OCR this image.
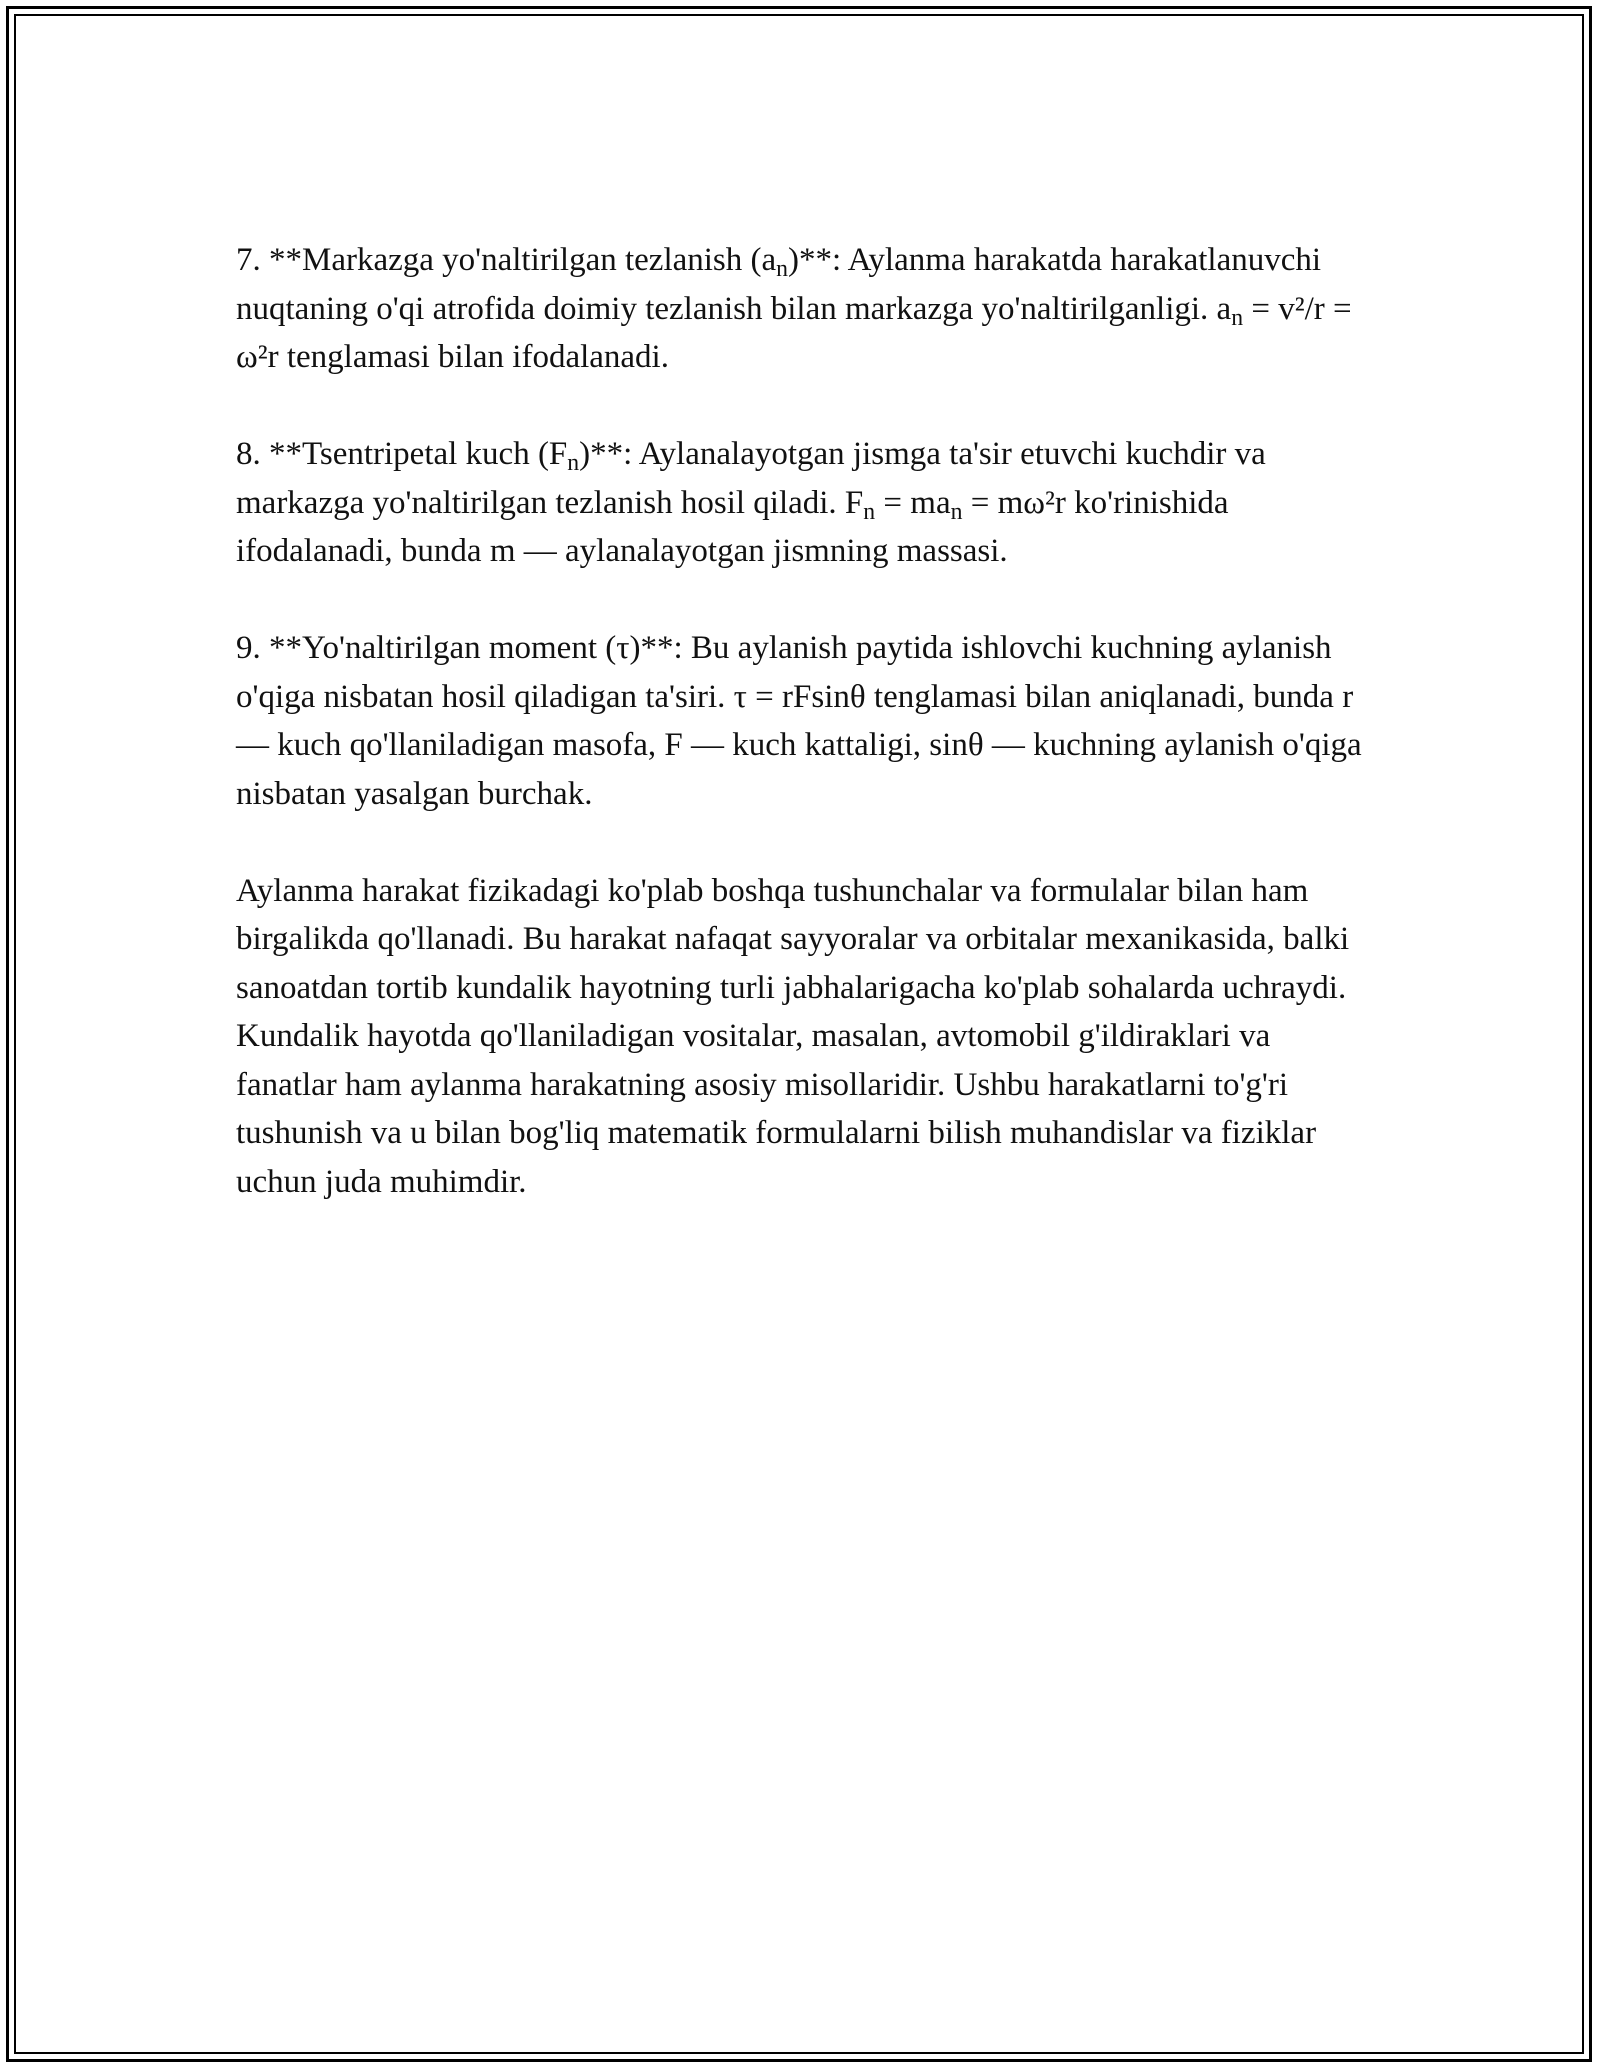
7. **Markazga yo'naltirilgan tezlanish $(a_n)**$: Aylanma harakatda harakatlanuvchi nuqtaning o'qi atrofida doimiy tezlanish bilan markazga yo'naltirilganligi. $a_n = v^2/r = \omega^2r$ tenglamasi bilan ifodalanadi.

8. **Tsentripetal kuch $(F_n)**$: Aylanalayotgan jismga ta'sir etuvchi kuchdir va markazga yo'naltirilgan tezlanish hosil qiladi. $F_n = ma_n = m\omega^2r$ ko'rinishida ifodalanadi, bunda m — aylanalayotgan jismning massasi.

9. **Yo'naltirilgan moment (τ)**: Bu aylanish paytida ishlovchi kuchning aylanish o'qiga nisbatan hosil qiladigan ta'siri. τ = rFsinθ tenglamasi bilan aniqlanadi, bunda r — kuch qo'llaniladigan masofa, F — kuch kattaligi, sinθ — kuchning aylanish o'qiga nisbatan yasalgan burchak.

Aylanma harakat fizikadagi ko'plab boshqa tushunchalar va formulalar bilan ham birgalikda qo'llanadi. Bu harakat nafaqat sayyoralar va orbitalar mexanikasida, balki sanoatdan tortib kundalik hayotning turli jabhalarigacha ko'plab sohalarda uchraydi. Kundalik hayotda qo'llaniladigan vositalar, masalan, avtomobil g'ildiraklari va fanatlar ham aylanma harakatning asosiy misollaridir. Ushbu harakatlarni to'g'ri tushunish va u bilan bog'liq matematik formulalarni bilish muhandislar va fiziklar uchun juda muhimdir.
